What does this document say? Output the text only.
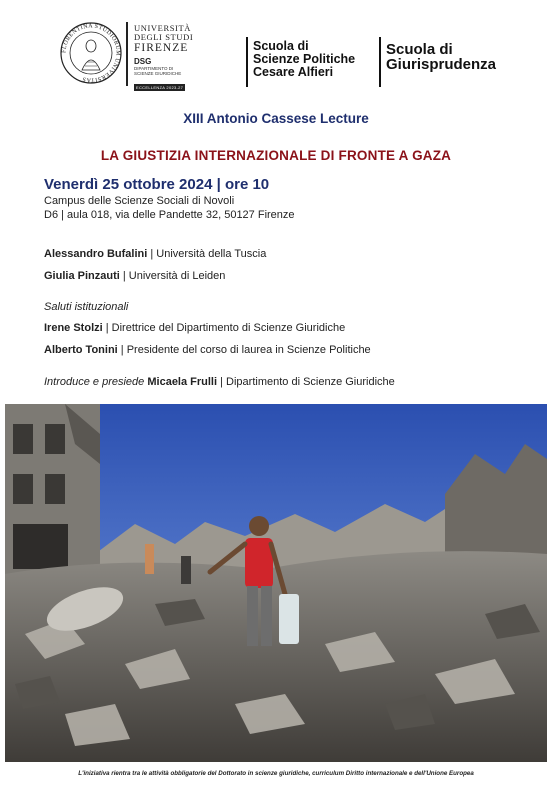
FLORENTINA STUDIORUM UNIVERSITAS
UNIVERSITÀ
DEGLI STUDI
FIRENZE
DSG
DIPARTIMENTO DI
SCIENZE GIURIDICHE
ECCELLENZA 2023-27
Scuola di
Scienze Politiche
Cesare Alfieri
Scuola di
Giurisprudenza
XIII Antonio Cassese Lecture
LA GIUSTIZIA INTERNAZIONALE DI FRONTE A GAZA
Venerdì 25 ottobre 2024 | ore 10
Campus delle Scienze Sociali di Novoli
D6 | aula 018, via delle Pandette 32, 50127 Firenze
Alessandro Bufalini | Università della Tuscia
Giulia Pinzauti | Università di Leiden
Saluti istituzionali
Irene Stolzi | Direttrice del Dipartimento di Scienze Giuridiche
Alberto Tonini | Presidente del corso di laurea in Scienze Politiche
Introduce e presiede Micaela Frulli | Dipartimento di Scienze Giuridiche
L'iniziativa rientra tra le attività obbligatorie del Dottorato in scienze giuridiche, curriculum Diritto internazionale e dell'Unione Europea
